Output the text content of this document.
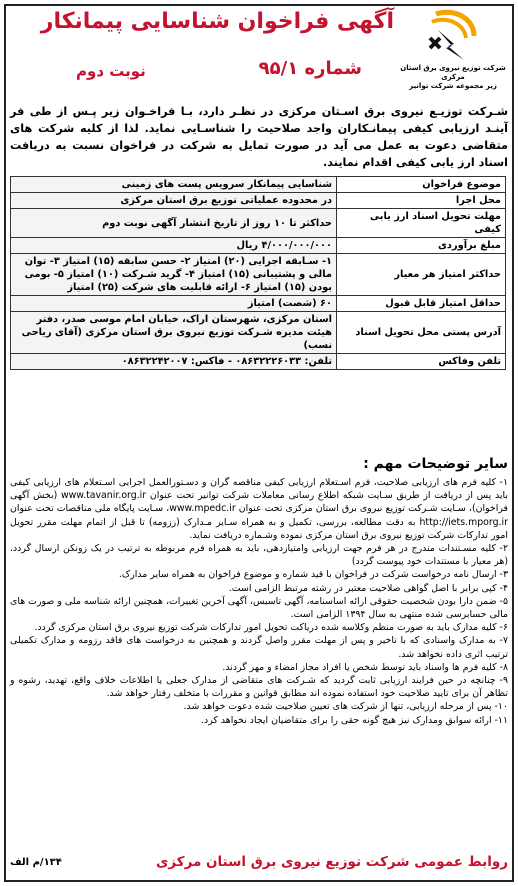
شرکت توزیع نیروی برق استان مرکزی
زیر مجموعه شرکت توانیر
آگهی فراخوان شناسایی پیمانکار
شماره ۹۵/۱
نوبت دوم
شـرکت توزیـع نیروی برق اسـتان مرکزی در نظـر دارد، بـا فراخـوان زیر پـس از طی فر آینـد ارزیابی کیفی پیمانـکاران واجد صلاحیت را شناسـایی نماید. لذا از کلیه شرکت های متقاضی دعوت به عمل می آید در صورت تمایل به شرکت در فراخوان نسبت به دریافت اسناد ارز یابی کیفی اقدام نمایند.
موضوع فراخوان	شناسایی پیمانکار سرویس پست های زمینی
محل اجرا	در محدوده عملیاتی توزیع برق استان مرکزی
مهلت تحویل اسناد ارز یابی کیفی	حداکثر تا ۱۰ روز از تاریخ انتشار آگهی نوبت دوم
مبلغ برآوردی	۴/۰۰۰/۰۰۰/۰۰۰ ریال
حداکثر امتیاز هر معیار	۱- سـابقه اجرایی (۲۰) امتیاز ۲- حسن سابقه (۱۵) امتیاز ۳- توان مالی و پشتیبانی (۱۵) امتیاز ۴- گرید شـرکت (۱۰) امتیاز ۵- بومی بودن (۱۵) امتیاز ۶- ارائه قابلیت های شرکت (۲۵) امتیاز
حداقل امتیاز قابل قبول	۶۰ (شصت) امتیاز
آدرس پستی محل تحویل اسناد	استان مرکزی، شهرستان اراک، خیابان امام موسی صدر، دفتر هیئت مدیره شـرکت توزیع نیروی برق استان مرکزی (آقای ریاحی نسب)
تلفن وفاکس	تلفن: ۰۸۶۳۲۲۲۶۰۳۳ - فاکس: ۰۸۶۳۲۲۴۲۰۰۷
سایر توضیحات مهم :

۱- کلیه فرم های ارزیابی صلاحیت، فرم اسـتعلام ارزیابی کیفی مناقصه گران و دسـتورالعمل اجرایی اسـتعلام های ارزیابی کیفی باید پس از دریافت از طریق سـایت شبکه اطلاع رسانی معاملات شرکت توانیر تحت عنوان www.tavanir.org.ir (بخش آگهی فراخوان)، سـایت شـرکت توزیع نیروی برق استان مرکزی تحت عنوان www.mpedc.ir، سـایت پایگاه ملی مناقصات تحت عنوان http://iets.mporg.ir به دقت مطالعه، بررسی، تکمیل و به همراه سـایر مـدارک (رزومه) تا قبل از اتمام مهلت مقرر تحویل امور تدارکات شرکت توزیع نیروی برق استان مرکزی نموده وشـماره دریافت نماید.

۲- کلیه مسـتندات مندرج در هر فرم جهت ارزیابی وامتیازدهی، باید به همراه فرم مربوطه به ترتیب در یک زونکن ارسال گردد. (هر معیار با مستندات خود پیوست گردد)

۳- ارسال نامه درخواست شرکت در فراخوان با قید شماره و موضوع فراخوان به همراه سایر مدارک.

۴- کپی برابر با اصل گواهی صلاحیت معتبر در رشته مرتبط الزامی است.

۵- ضمن دارا بودن شخصیت حقوقی ارائه اساسنامه، آگهی تاسیس، آگهی آخرین تغییرات، همچنین ارائه شناسه ملی و صورت های مالی حسابرسی شده منتهی به سال ۱۳۹۴ الزامی است.

۶- کلیه مدارک باید به صورت منظم وکلاسه شده دریاکت تحویل امور تدارکات شرکت توزیع نیروی برق استان مرکزی گردد.

۷- به مدارک واسنادی که با تاخیر و پس از مهلت مقرر واصل گردند و همچنین به درخواست های فاقد رزومه و مدارک تکمیلی ترتیب اثری داده نخواهد شد.

۸- کلیه فرم ها واسناد باید توسط شخص یا افراد مجاز امضاء و مهر گردند.

۹- چنانچه در حین فرایند ارزیابی ثابت گردید که شـرکت های متقاضی از مدارک جعلی یا اطلاعات خلاف واقع، تهدید، رشوه و تظاهر آن برای تایید صلاحیت خود استفاده نموده اند مطابق قوانین و مقررات با متخلف رفتار خواهد شد.

۱۰- پس از مرحله ارزیابی، تنها از شرکت های تعیین صلاحیت شده دعوت خواهد شد.

۱۱- ارائه سوابق ومدارک نیز هیچ گونه حقی را برای متقاضیان ایجاد نخواهد کرد.

روابط عمومی شرکت توزیع نیروی برق استان مرکزی
۱۳۴/م الف
